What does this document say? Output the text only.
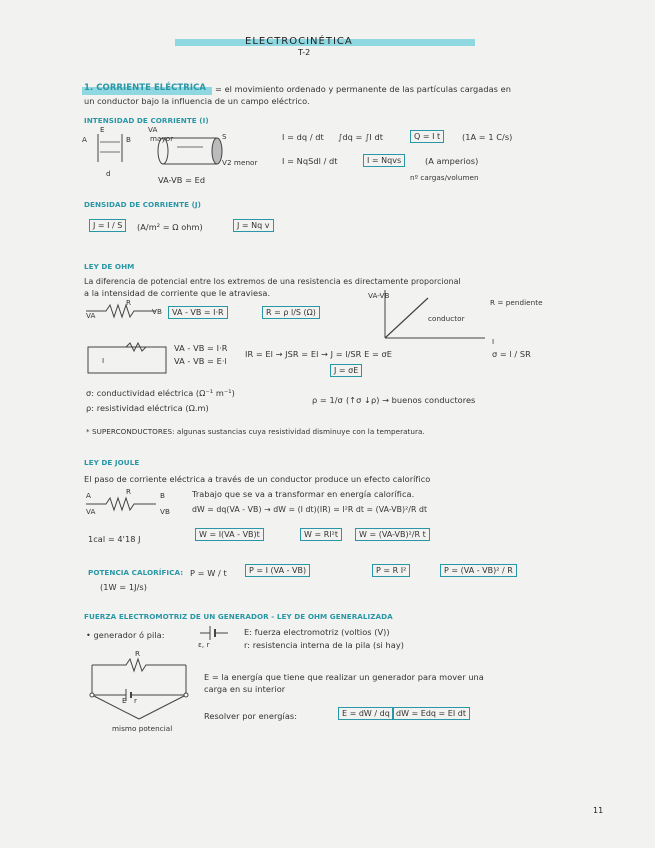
ELECTROCINÉTICA
T-2
1. CORRIENTE ELÉCTRICA = el movimiento ordenado y permanente de las partículas cargadas en
un conductor bajo la influencia de un campo eléctrico.
INTENSIDAD DE CORRIENTE (I)
A	B
E
d
VA
mayor	S
V2 menor
VA-VB = Ed
I = dq / dt ∫dq = ∫I dt	Q = I t	(1A = 1 C/s)
I = NqSdl / dt	I = Nqvs	(A amperios)
nº cargas/volumen
DENSIDAD DE CORRIENTE (J)
J = I / S	(A/m² = Ω ohm)	J = Nq v
LEY DE OHM
La diferencia de potencial entre los extremos de una resistencia es directamente proporcional
a la intensidad de corriente que le atraviesa.
R
VA	VB	VA - VB = I·R	R = ρ l/S (Ω)
VA-VB
I
conductor
R = pendiente
I
VA - VB = I·R
VA - VB = E·l
IR = El → JSR = El → J = l/SR E = σE
J = σE
σ = l / SR
σ: conductividad eléctrica (Ω⁻¹ m⁻¹)
ρ: resistividad eléctrica (Ω.m)
ρ = 1/σ (↑σ ↓ρ) → buenos conductores
* SUPERCONDUCTORES: algunas sustancias cuya resistividad disminuye con la temperatura.
LEY DE JOULE
El paso de corriente eléctrica a través de un conductor produce un efecto calorífico
R
A	B
VA	VB
Trabajo que se va a transformar en energía calorífica.
dW = dq(VA - VB) → dW = (I dt)(IR) = I²R dt = (VA-VB)²/R dt
1cal = 4'18 J	W = I(VA - VB)t	W = RI²t	W = (VA-VB)²/R t
POTENCIA CALORÍFICA: P = W / t	P = I (VA - VB)	P = R I²	P = (VA - VB)² / R
(1W = 1J/s)
FUERZA ELECTROMOTRIZ DE UN GENERADOR - LEY DE OHM GENERALIZADA
• generador ó pila:
ε, r
E: fuerza electromotriz (voltios (V))
r: resistencia interna de la pila (si hay)
R
E r
mismo potencial
E = la energía que tiene que realizar un generador para mover una
carga en su interior
Resolver por energías:	E = dW / dq dW = Edq = EI dt
11
